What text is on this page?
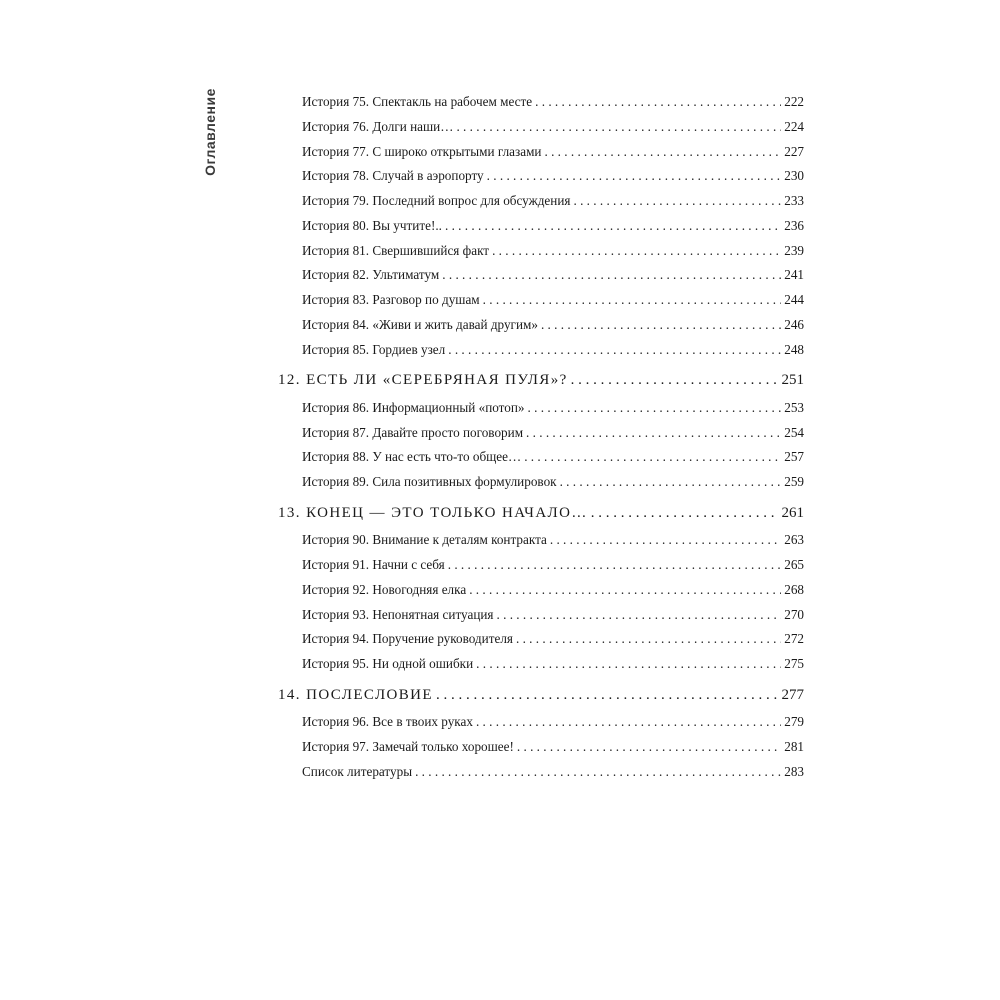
Оглавление	История 75. Спектакль на рабочем месте . . .	222
История 76. Долги наши… . . .	224
История 77. С широко открытыми глазами . . .	227
История 78. Случай в аэропорту . . .	230
История 79. Последний вопрос для обсуждения . . .	233
История 80. Вы учтите!.. . . .	236
История 81. Свершившийся факт . . .	239
История 82. Ультиматум . . .	241
История 83. Разговор по душам . . .	244
История 84. «Живи и жить давай другим» . . .	246
История 85. Гордиев узел . . .	248
12. ЕСТЬ ЛИ «СЕРЕБРЯНАЯ ПУЛЯ»? . .	251
История 86. Информационный «потоп» . . .	253
История 87. Давайте просто поговорим . . .	254
История 88. У нас есть что-то общее… . . .	257
История 89. Сила позитивных формулировок . . .	259
13. КОНЕЦ — ЭТО ТОЛЬКО НАЧАЛО… . .	261
История 90. Внимание к деталям контракта . . .	263
История 91. Начни с себя . . .	265
История 92. Новогодняя елка . . .	268
История 93. Непонятная ситуация . . .	270
История 94. Поручение руководителя . . .	272
История 95. Ни одной ошибки . . .	275
14. ПОСЛЕСЛОВИЕ . .	277
История 96. Все в твоих руках . . .	279
История 97. Замечай только хорошее! . . .	281
Список литературы . . .	283
